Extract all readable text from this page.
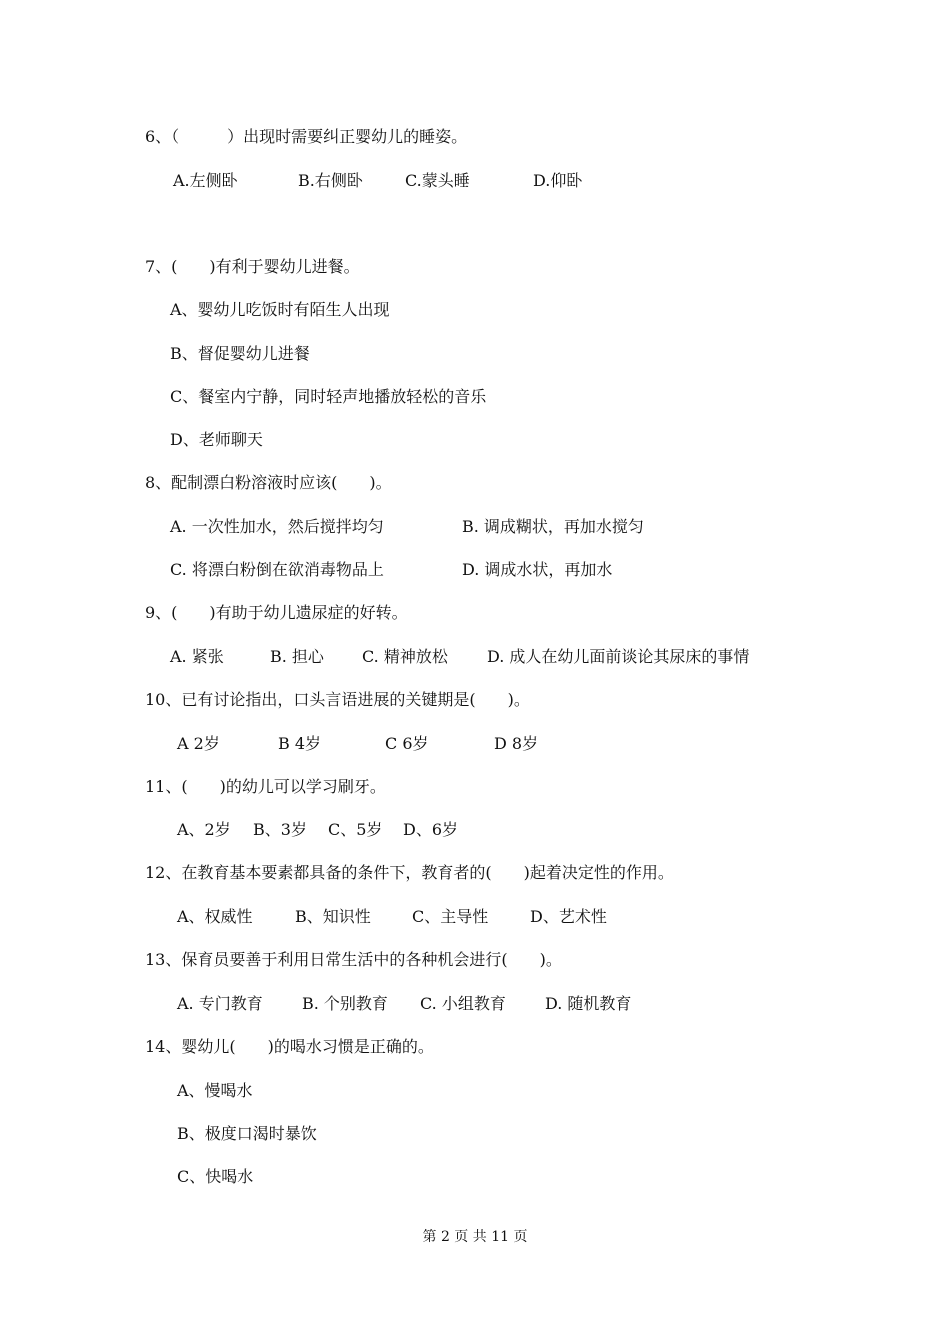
6、（　　　）出现时需要纠正婴幼儿的睡姿。
A.左侧卧	B.右侧卧	C.蒙头睡	D.仰卧
7、(　　)有利于婴幼儿进餐。
A、婴幼儿吃饭时有陌生人出现
B、督促婴幼儿进餐
C、餐室内宁静，同时轻声地播放轻松的音乐
D、老师聊天
8、配制漂白粉溶液时应该(　　)。
A. 一次性加水，然后搅拌均匀	B. 调成糊状，再加水搅匀
C. 将漂白粉倒在欲消毒物品上	D. 调成水状，再加水
9、(　　)有助于幼儿遗尿症的好转。
A. 紧张	B. 担心 C. 精神放松 D. 成人在幼儿面前谈论其尿床的事情
10、已有讨论指出，口头言语进展的关键期是(　　)。
A 2岁	B 4岁	C 6岁	D 8岁
11、(　　)的幼儿可以学习刷牙。
A、2岁 B、3岁 C、5岁 D、6岁
12、在教育基本要素都具备的条件下，教育者的(　　)起着决定性的作用。
A、权威性	B、知识性	C、主导性	D、艺术性
13、保育员要善于利用日常生活中的各种机会进行(　　)。
A. 专门教育 B. 个别教育 C. 小组教育 D. 随机教育
14、婴幼儿(　　)的喝水习惯是正确的。
A、慢喝水
B、极度口渴时暴饮
C、快喝水
第 2 页 共 11 页
